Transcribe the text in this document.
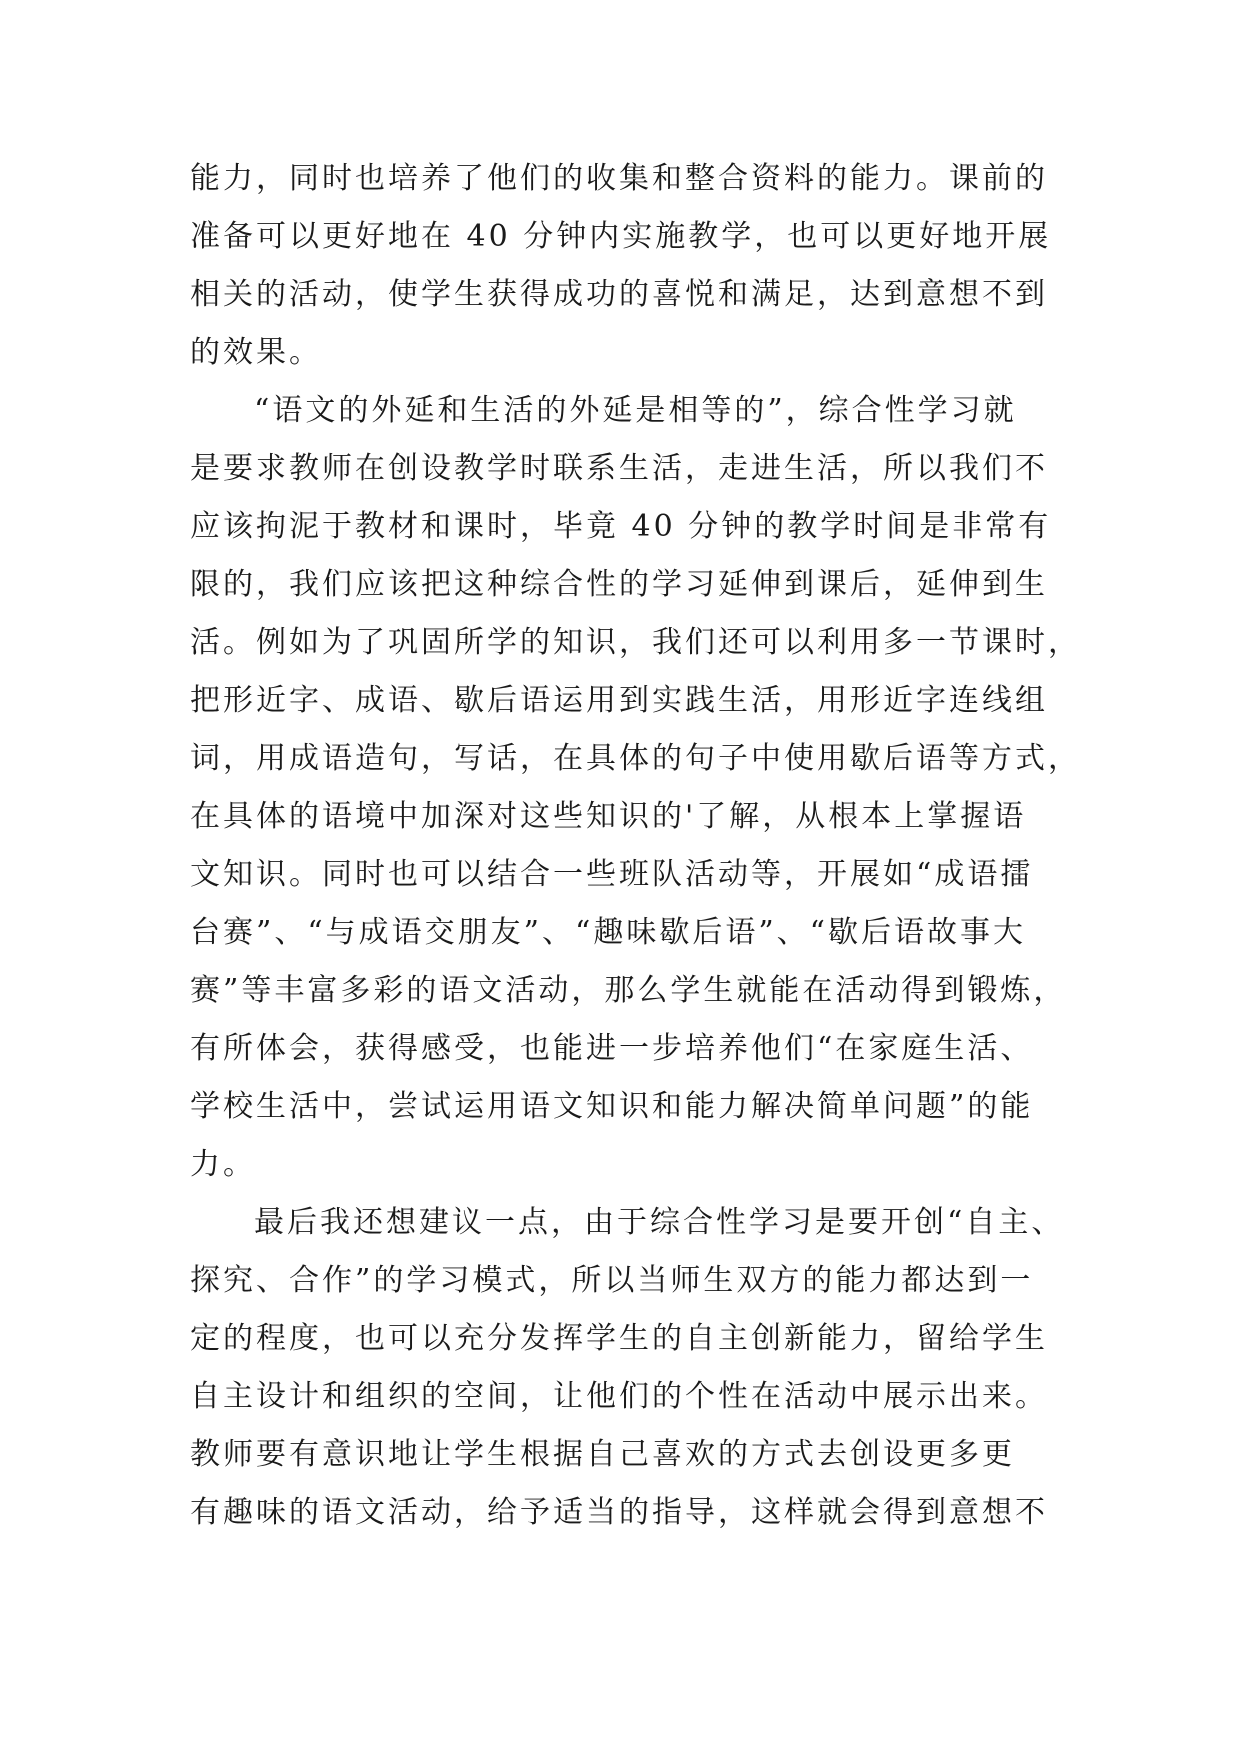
能力，同时也培养了他们的收集和整合资料的能力。课前的
准备可以更好地在 40 分钟内实施教学，也可以更好地开展
相关的活动，使学生获得成功的喜悦和满足，达到意想不到
的效果。
“语文的外延和生活的外延是相等的”，综合性学习就
是要求教师在创设教学时联系生活，走进生活，所以我们不
应该拘泥于教材和课时，毕竟 40 分钟的教学时间是非常有
限的，我们应该把这种综合性的学习延伸到课后，延伸到生
活。例如为了巩固所学的知识，我们还可以利用多一节课时，
把形近字、成语、歇后语运用到实践生活，用形近字连线组
词，用成语造句，写话，在具体的句子中使用歇后语等方式，
在具体的语境中加深对这些知识的'了解，从根本上掌握语
文知识。同时也可以结合一些班队活动等，开展如“成语擂
台赛”、“与成语交朋友”、“趣味歇后语”、“歇后语故事大
赛”等丰富多彩的语文活动，那么学生就能在活动得到锻炼，
有所体会，获得感受，也能进一步培养他们“在家庭生活、
学校生活中，尝试运用语文知识和能力解决简单问题”的能
力。
最后我还想建议一点，由于综合性学习是要开创“自主、
探究、合作”的学习模式，所以当师生双方的能力都达到一
定的程度，也可以充分发挥学生的自主创新能力，留给学生
自主设计和组织的空间，让他们的个性在活动中展示出来。
教师要有意识地让学生根据自己喜欢的方式去创设更多更
有趣味的语文活动，给予适当的指导，这样就会得到意想不
